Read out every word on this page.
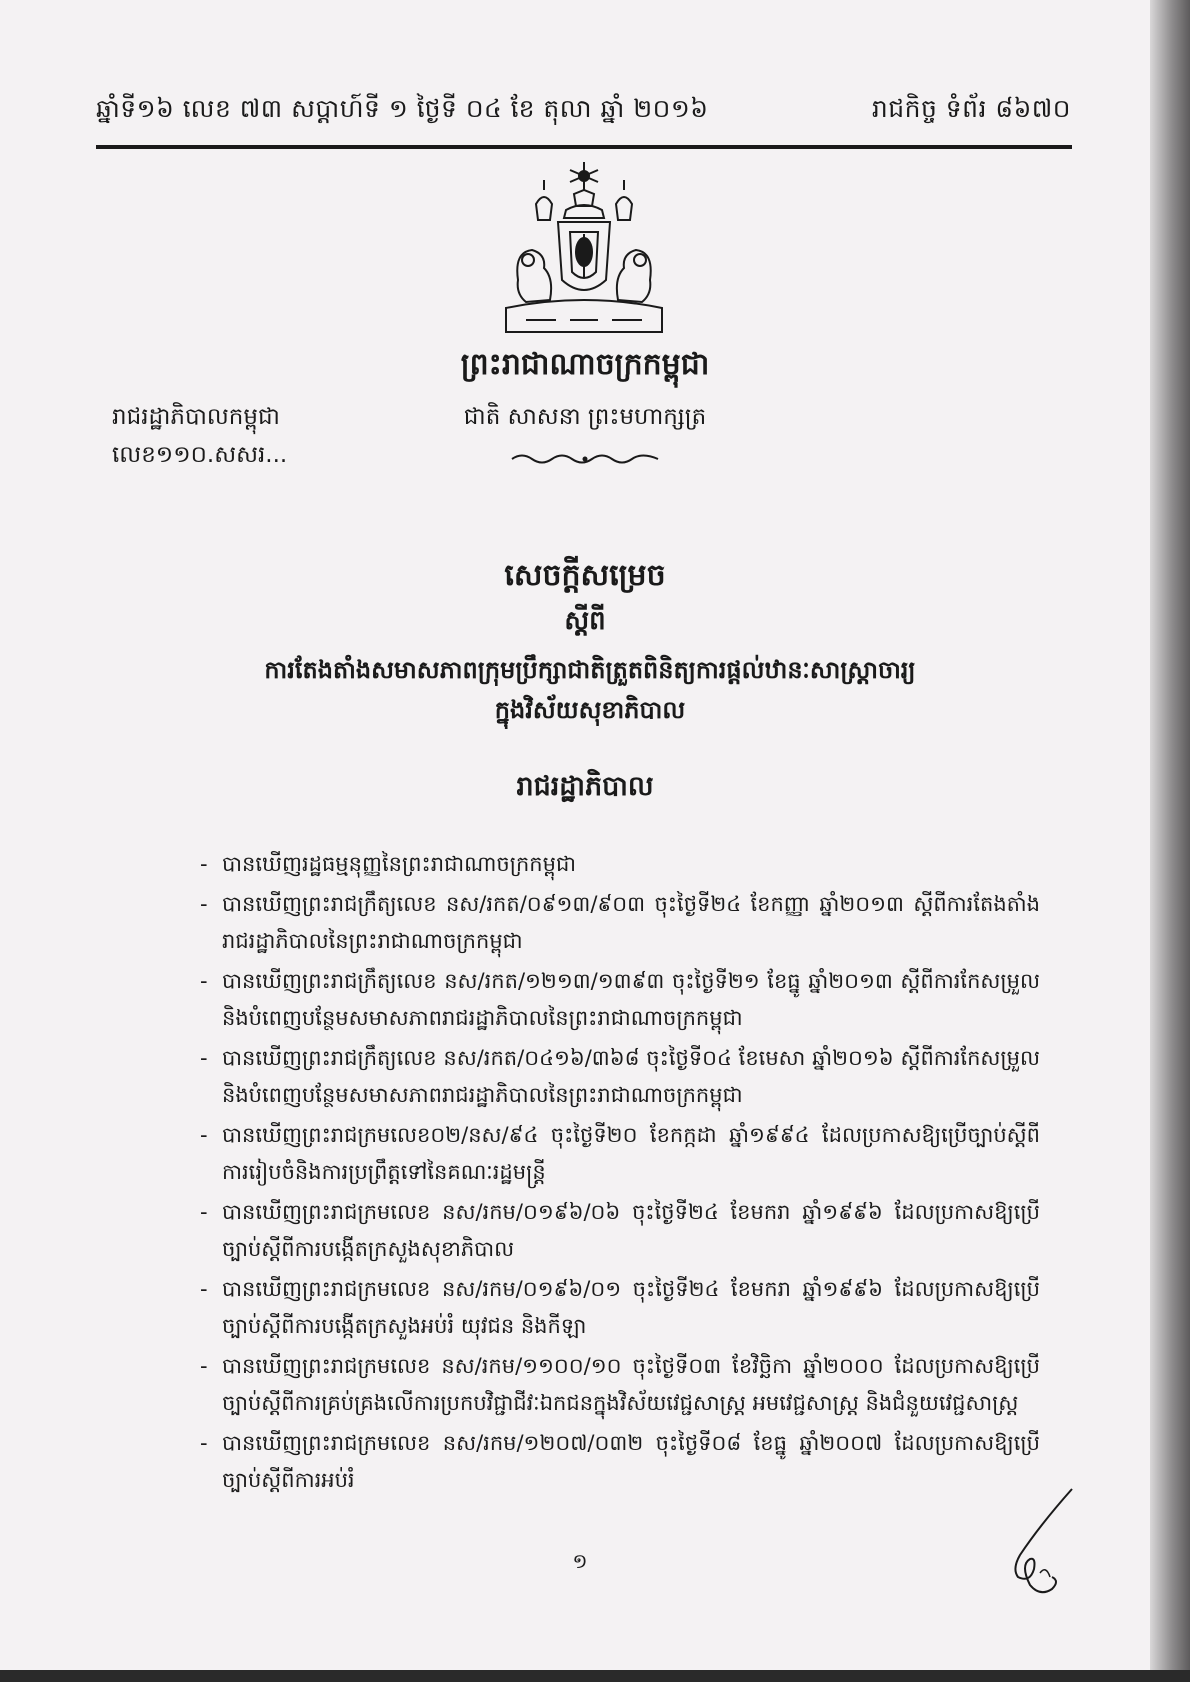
ឆ្នាំទី១៦ លេខ ៧៣ សប្តាហ៍ទី ១ ថ្ងៃទី ០៤ ខែ តុលា ឆ្នាំ ២០១៦	រាជកិច្ច ទំព័រ ៨៦៧០
ព្រះរាជាណាចក្រកម្ពុជា
រាជរដ្ឋាភិបាលកម្ពុជា
លេខ១១០.សសរ...
ជាតិ សាសនា ព្រះមហាក្សត្រ
សេចក្តីសម្រេច
ស្តីពី
ការតែងតាំងសមាសភាពក្រុមប្រឹក្សាជាតិត្រួតពិនិត្យការផ្តល់ឋានៈសាស្ត្រាចារ្យ
ក្នុងវិស័យសុខាភិបាល
រាជរដ្ឋាភិបាល
- បានឃើញរដ្ឋធម្មនុញ្ញនៃព្រះរាជាណាចក្រកម្ពុជា
- បានឃើញព្រះរាជក្រឹត្យលេខ នស/រកត/០៩១៣/៩០៣ ចុះថ្ងៃទី២៤ ខែកញ្ញា ឆ្នាំ២០១៣ ស្តីពីការតែងតាំងរាជរដ្ឋាភិបាលនៃព្រះរាជាណាចក្រកម្ពុជា
- បានឃើញព្រះរាជក្រឹត្យលេខ នស/រកត/១២១៣/១៣៩៣ ចុះថ្ងៃទី២១ ខែធ្នូ ឆ្នាំ២០១៣ ស្តីពីការកែសម្រួលនិងបំពេញបន្ថែមសមាសភាពរាជរដ្ឋាភិបាលនៃព្រះរាជាណាចក្រកម្ពុជា
- បានឃើញព្រះរាជក្រឹត្យលេខ នស/រកត/០៤១៦/៣៦៨ ចុះថ្ងៃទី០៤ ខែមេសា ឆ្នាំ២០១៦ ស្តីពីការកែសម្រួលនិងបំពេញបន្ថែមសមាសភាពរាជរដ្ឋាភិបាលនៃព្រះរាជាណាចក្រកម្ពុជា
- បានឃើញព្រះរាជក្រមលេខ០២/នស/៩៤ ចុះថ្ងៃទី២០ ខែកក្កដា ឆ្នាំ១៩៩៤ ដែលប្រកាសឱ្យប្រើច្បាប់ស្តីពីការរៀបចំនិងការប្រព្រឹត្តទៅនៃគណៈរដ្ឋមន្ត្រី
- បានឃើញព្រះរាជក្រមលេខ នស/រកម/០១៩៦/០៦ ចុះថ្ងៃទី២៤ ខែមករា ឆ្នាំ១៩៩៦ ដែលប្រកាសឱ្យប្រើច្បាប់ស្តីពីការបង្កើតក្រសួងសុខាភិបាល
- បានឃើញព្រះរាជក្រមលេខ នស/រកម/០១៩៦/០១ ចុះថ្ងៃទី២៤ ខែមករា ឆ្នាំ១៩៩៦ ដែលប្រកាសឱ្យប្រើច្បាប់ស្តីពីការបង្កើតក្រសួងអប់រំ យុវជន និងកីឡា
- បានឃើញព្រះរាជក្រមលេខ នស/រកម/១១០០/១០ ចុះថ្ងៃទី០៣ ខែវិច្ឆិកា ឆ្នាំ២០០០ ដែលប្រកាសឱ្យប្រើច្បាប់ស្តីពីការគ្រប់គ្រងលើការប្រកបវិជ្ជាជីវៈឯកជនក្នុងវិស័យវេជ្ជសាស្ត្រ អមវេជ្ជសាស្ត្រ និងជំនួយវេជ្ជសាស្ត្រ
- បានឃើញព្រះរាជក្រមលេខ នស/រកម/១២០៧/០៣២ ចុះថ្ងៃទី០៨ ខែធ្នូ ឆ្នាំ២០០៧ ដែលប្រកាសឱ្យប្រើច្បាប់ស្តីពីការអប់រំ
១
